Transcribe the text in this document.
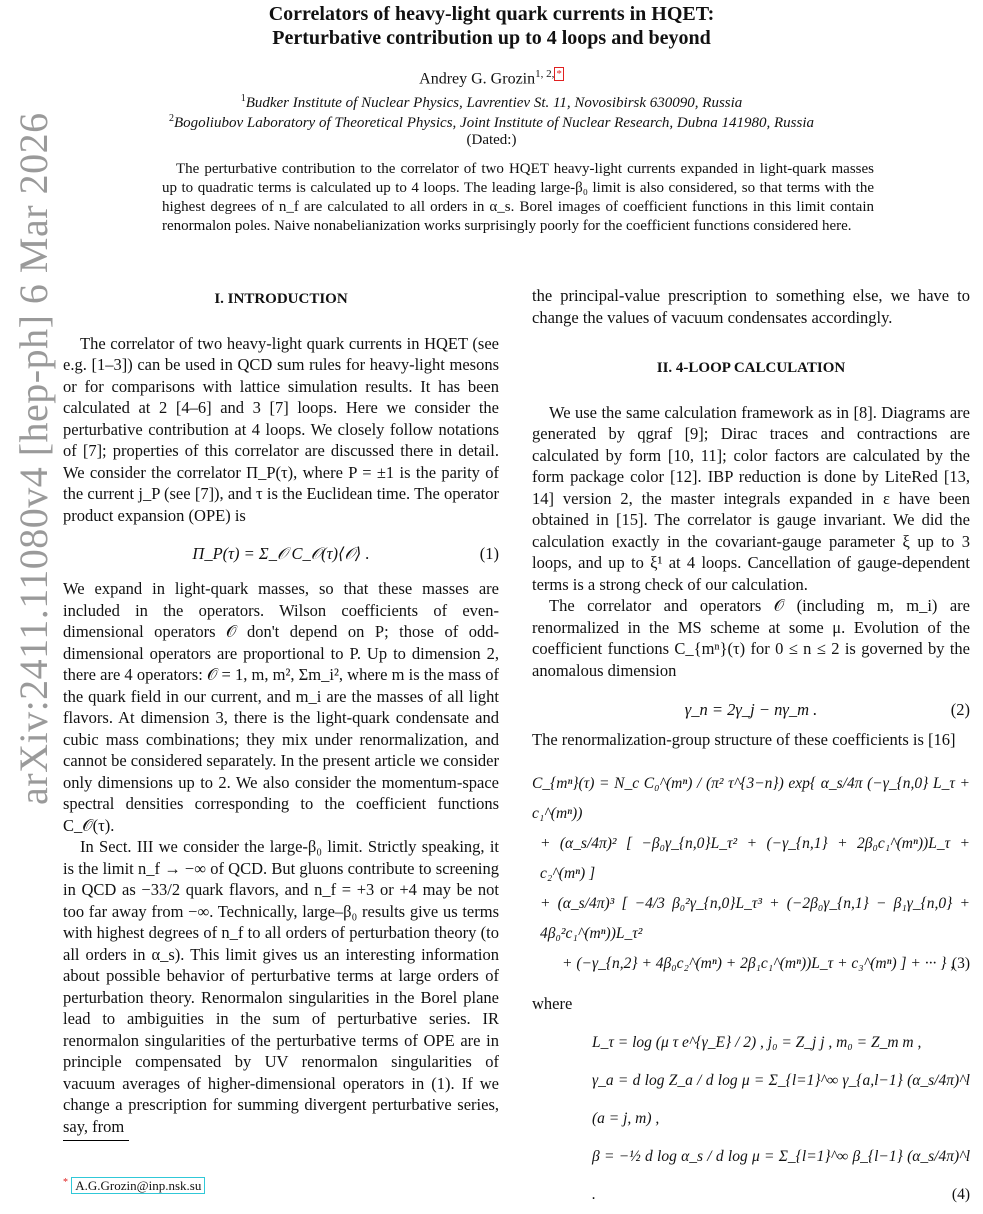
arXiv:2411.11080v4 [hep-ph] 6 Mar 2026
Correlators of heavy-light quark currents in HQET:
Perturbative contribution up to 4 loops and beyond
Andrey G. Grozin$^{1, 2, *}$
$^1$Budker Institute of Nuclear Physics, Lavrentiev St. 11, Novosibirsk 630090, Russia
$^2$Bogoliubov Laboratory of Theoretical Physics, Joint Institute of Nuclear Research, Dubna 141980, Russia
(Dated:)
The perturbative contribution to the correlator of two HQET heavy-light currents expanded in light-quark masses up to quadratic terms is calculated up to 4 loops. The leading large-β₀ limit is also considered, so that terms with the highest degrees of n_f are calculated to all orders in α_s. Borel images of coefficient functions in this limit contain renormalon poles. Naive nonabelianization works surprisingly poorly for the coefficient functions considered here.
I. INTRODUCTION

The correlator of two heavy-light quark currents in HQET (see e.g. [1–3]) can be used in QCD sum rules for heavy-light mesons or for comparisons with lattice simulation results. It has been calculated at 2 [4–6] and 3 [7] loops. Here we consider the perturbative contribution at 4 loops. We closely follow notations of [7]; properties of this correlator are discussed there in detail. We consider the correlator Π_P(τ), where P = ±1 is the parity of the current j_P (see [7]), and τ is the Euclidean time. The operator product expansion (OPE) is

Π_P(τ) = Σ_𝒪 C_𝒪(τ)⟨𝒪⟩ .	(1)

We expand in light-quark masses, so that these masses are included in the operators. Wilson coefficients of even-dimensional operators 𝒪 don't depend on P; those of odd-dimensional operators are proportional to P. Up to dimension 2, there are 4 operators: 𝒪 = 1, m, m², Σm_i², where m is the mass of the quark field in our current, and m_i are the masses of all light flavors. At dimension 3, there is the light-quark condensate and cubic mass combinations; they mix under renormalization, and cannot be considered separately. In the present article we consider only dimensions up to 2. We also consider the momentum-space spectral densities corresponding to the coefficient functions C_𝒪(τ).

In Sect. III we consider the large-β₀ limit. Strictly speaking, it is the limit n_f → −∞ of QCD. But gluons contribute to screening in QCD as −33/2 quark flavors, and n_f = +3 or +4 may be not too far away from −∞. Technically, large–β₀ results give us terms with highest degrees of n_f to all orders of perturbation theory (to all orders in α_s). This limit gives us an interesting information about possible behavior of perturbative terms at large orders of perturbation theory. Renormalon singularities in the Borel plane lead to ambiguities in the sum of perturbative series. IR renormalon singularities of the perturbative terms of OPE are in principle compensated by UV renormalon singularities of vacuum averages of higher-dimensional operators in (1). If we change a prescription for summing divergent perturbative series, say, from

the principal-value prescription to something else, we have to change the values of vacuum condensates accordingly.

II. 4-LOOP CALCULATION

We use the same calculation framework as in [8]. Diagrams are generated by qgraf [9]; Dirac traces and contractions are calculated by form [10, 11]; color factors are calculated by the form package color [12]. IBP reduction is done by LiteRed [13, 14] version 2, the master integrals expanded in ε have been obtained in [15]. The correlator is gauge invariant. We did the calculation exactly in the covariant-gauge parameter ξ up to 3 loops, and up to ξ¹ at 4 loops. Cancellation of gauge-dependent terms is a strong check of our calculation.

The correlator and operators 𝒪 (including m, m_i) are renormalized in the MS scheme at some μ. Evolution of the coefficient functions C_{mⁿ}(τ) for 0 ≤ n ≤ 2 is governed by the anomalous dimension

γ_n = 2γ_j − nγ_m .	(2)

The renormalization-group structure of these coefficients is [16]

C_{mⁿ}(τ) = N_c C₀^(mⁿ) / (π² τ^{3−n}) exp{ α_s/4π (−γ_{n,0} L_τ + c₁^(mⁿ))
+ (α_s/4π)² [ −β₀γ_{n,0}L_τ² + (−γ_{n,1} + 2β₀c₁^(mⁿ))L_τ + c₂^(mⁿ) ]
+ (α_s/4π)³ [ −4/3 β₀²γ_{n,0}L_τ³ + (−2β₀γ_{n,1} − β₁γ_{n,0} + 4β₀²c₁^(mⁿ))L_τ²
+ (−γ_{n,2} + 4β₀c₂^(mⁿ) + 2β₁c₁^(mⁿ))L_τ + c₃^(mⁿ) ] + ··· } ,
(3)

where

L_τ = log (μ τ e^{γ_E} / 2) , j₀ = Z_j j , m₀ = Z_m m ,
γ_a = d log Z_a / d log μ = Σ_{l=1}^∞ γ_{a,l−1} (α_s/4π)^l (a = j, m) ,
β = −½ d log α_s / d log μ = Σ_{l=1}^∞ β_{l−1} (α_s/4π)^l .	(4)
* A.G.Grozin@inp.nsk.su
